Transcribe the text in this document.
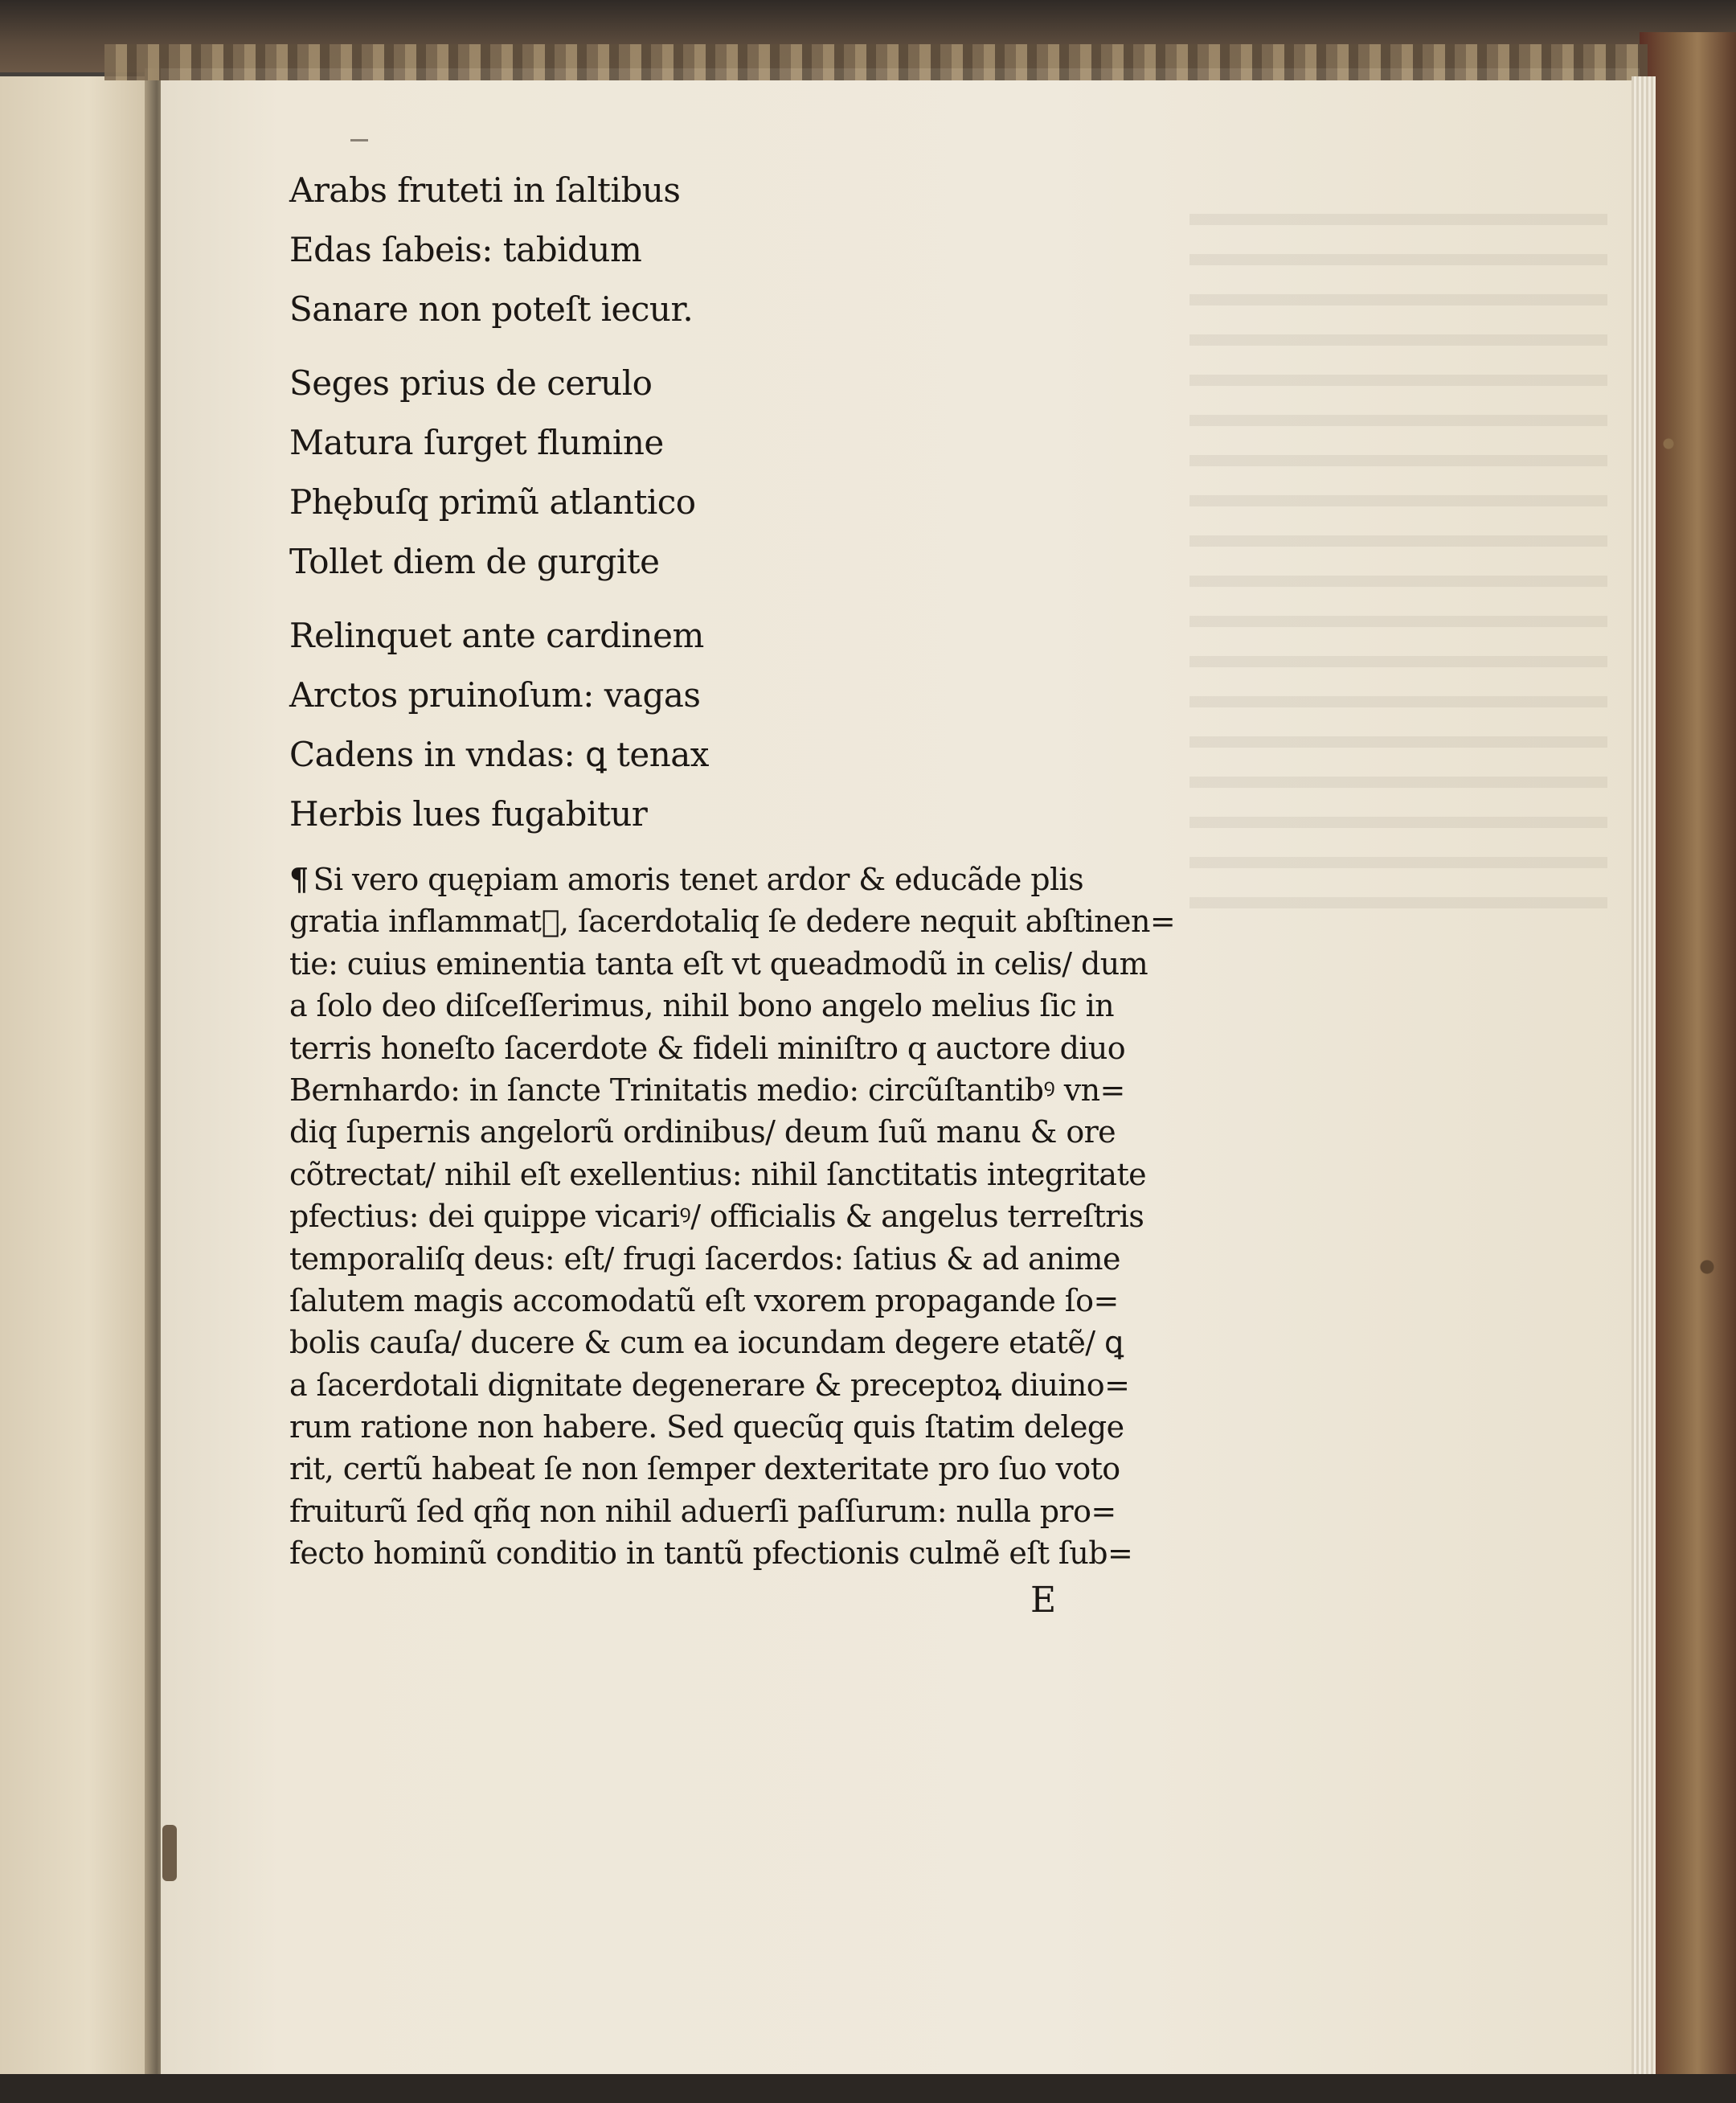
Arabs fruteti in ſaltibus
Edas ſabeis: tabidum
Sanare non poteſt iecur.
Seges prius de cerulo
Matura ſurget flumine
Phębuſq primũ atlantico
Tollet diem de gurgite
Relinquet ante cardinem
Arctos pruinoſum: vagas
Cadens in vndas: ꝗ tenax
Herbis lues fugabitur
¶ Si vero quępiam amoris tenet ardor & educãde plis
gratia inflammatᷓ, ſacerdotaliq ſe dedere nequit abſtinen=
tie: cuius eminentia tanta eſt vt queadmodũ in celis/ dum
a ſolo deo diſceſſerimus, nihil bono angelo melius ſic in
terris honeſto ſacerdote & fideli miniſtro q auctore diuo
Bernhardo: in ſancte Trinitatis medio: circũſtantibꝰ vn=
diq ſupernis angelorũ ordinibus/ deum ſuũ manu & ore
cõtrectat/ nihil eſt exellentius: nihil ſanctitatis integritate
pfectius: dei quippe vicariꝰ/ officialis & angelus terreſtris
temporaliſq deus: eſt/ frugi ſacerdos: ſatius & ad anime
ſalutem magis accomodatũ eſt vxorem propagande ſo=
bolis cauſa/ ducere & cum ea iocundam degere etatẽ/ ꝗ
a ſacerdotali dignitate degenerare & preceptoꝝ diuino=
rum ratione non habere. Sed quecũq quis ſtatim delege
rit, certũ habeat ſe non ſemper dexteritate pro ſuo voto
fruiturũ ſed qñq non nihil aduerſi paſſurum: nulla pro=
fecto hominũ conditio in tantũ pfectionis culmẽ eſt ſub=
E
